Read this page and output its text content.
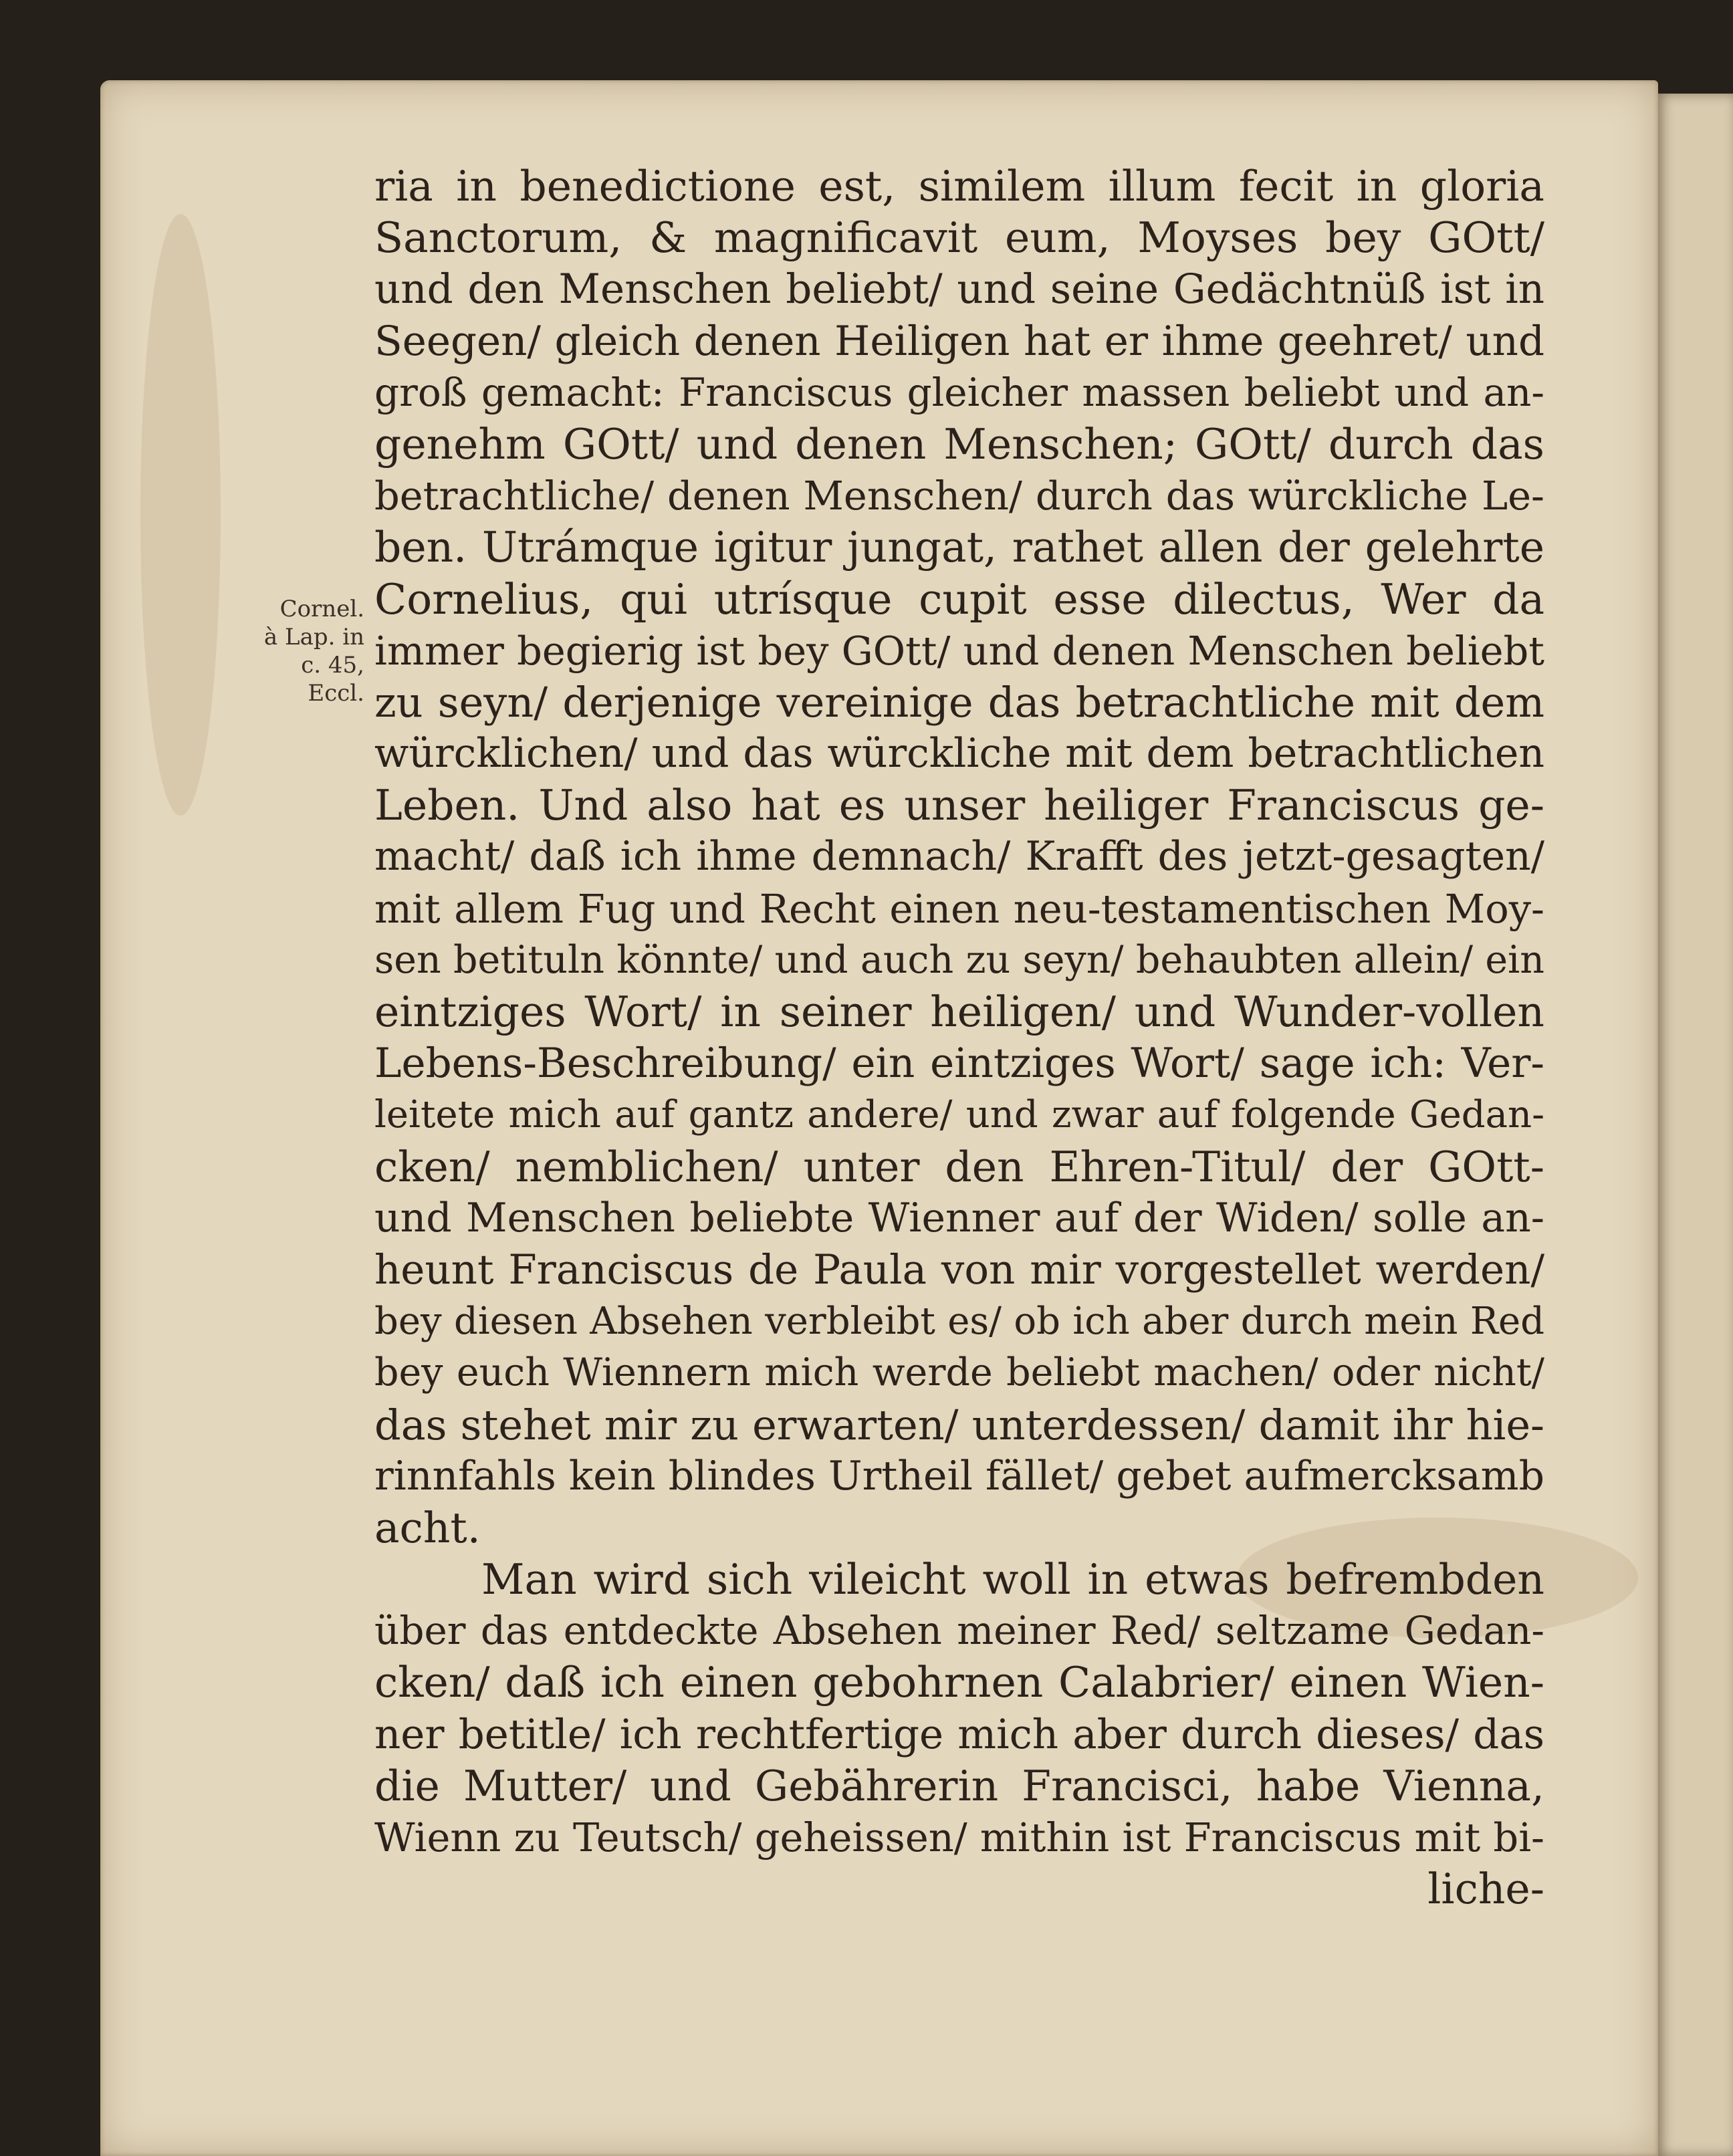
Cornel.
à Lap. in
c. 45,
Eccl.
ria in benedictione est, similem illum fecit in gloria
Sanctorum, & magnificavit eum, Moyses bey GOtt/
und den Menschen beliebt/ und seine Gedächtnüß ist in
Seegen/ gleich denen Heiligen hat er ihme geehret/ und
groß gemacht: Franciscus gleicher massen beliebt und an-
genehm GOtt/ und denen Menschen; GOtt/ durch das
betrachtliche/ denen Menschen/ durch das würckliche Le-
ben. Utrámque igitur jungat, rathet allen der gelehrte
Cornelius, qui utrísque cupit esse dilectus, Wer da
immer begierig ist bey GOtt/ und denen Menschen beliebt
zu seyn/ derjenige vereinige das betrachtliche mit dem
würcklichen/ und das würckliche mit dem betrachtlichen
Leben. Und also hat es unser heiliger Franciscus ge-
macht/ daß ich ihme demnach/ Krafft des jetzt-gesagten/
mit allem Fug und Recht einen neu-testamentischen Moy-
sen betituln könnte/ und auch zu seyn/ behaubten allein/ ein
eintziges Wort/ in seiner heiligen/ und Wunder-vollen
Lebens-Beschreibung/ ein eintziges Wort/ sage ich: Ver-
leitete mich auf gantz andere/ und zwar auf folgende Gedan-
cken/ nemblichen/ unter den Ehren-Titul/ der GOtt-
und Menschen beliebte Wienner auf der Widen/ solle an-
heunt Franciscus de Paula von mir vorgestellet werden/
bey diesen Absehen verbleibt es/ ob ich aber durch mein Red
bey euch Wiennern mich werde beliebt machen/ oder nicht/
das stehet mir zu erwarten/ unterdessen/ damit ihr hie-
rinnfahls kein blindes Urtheil fället/ gebet aufmercksamb
acht.
Man wird sich vileicht woll in etwas befrembden
über das entdeckte Absehen meiner Red/ seltzame Gedan-
cken/ daß ich einen gebohrnen Calabrier/ einen Wien-
ner betitle/ ich rechtfertige mich aber durch dieses/ das
die Mutter/ und Gebährerin Francisci, habe Vienna,
Wienn zu Teutsch/ geheissen/ mithin ist Franciscus mit bi-
liche-
